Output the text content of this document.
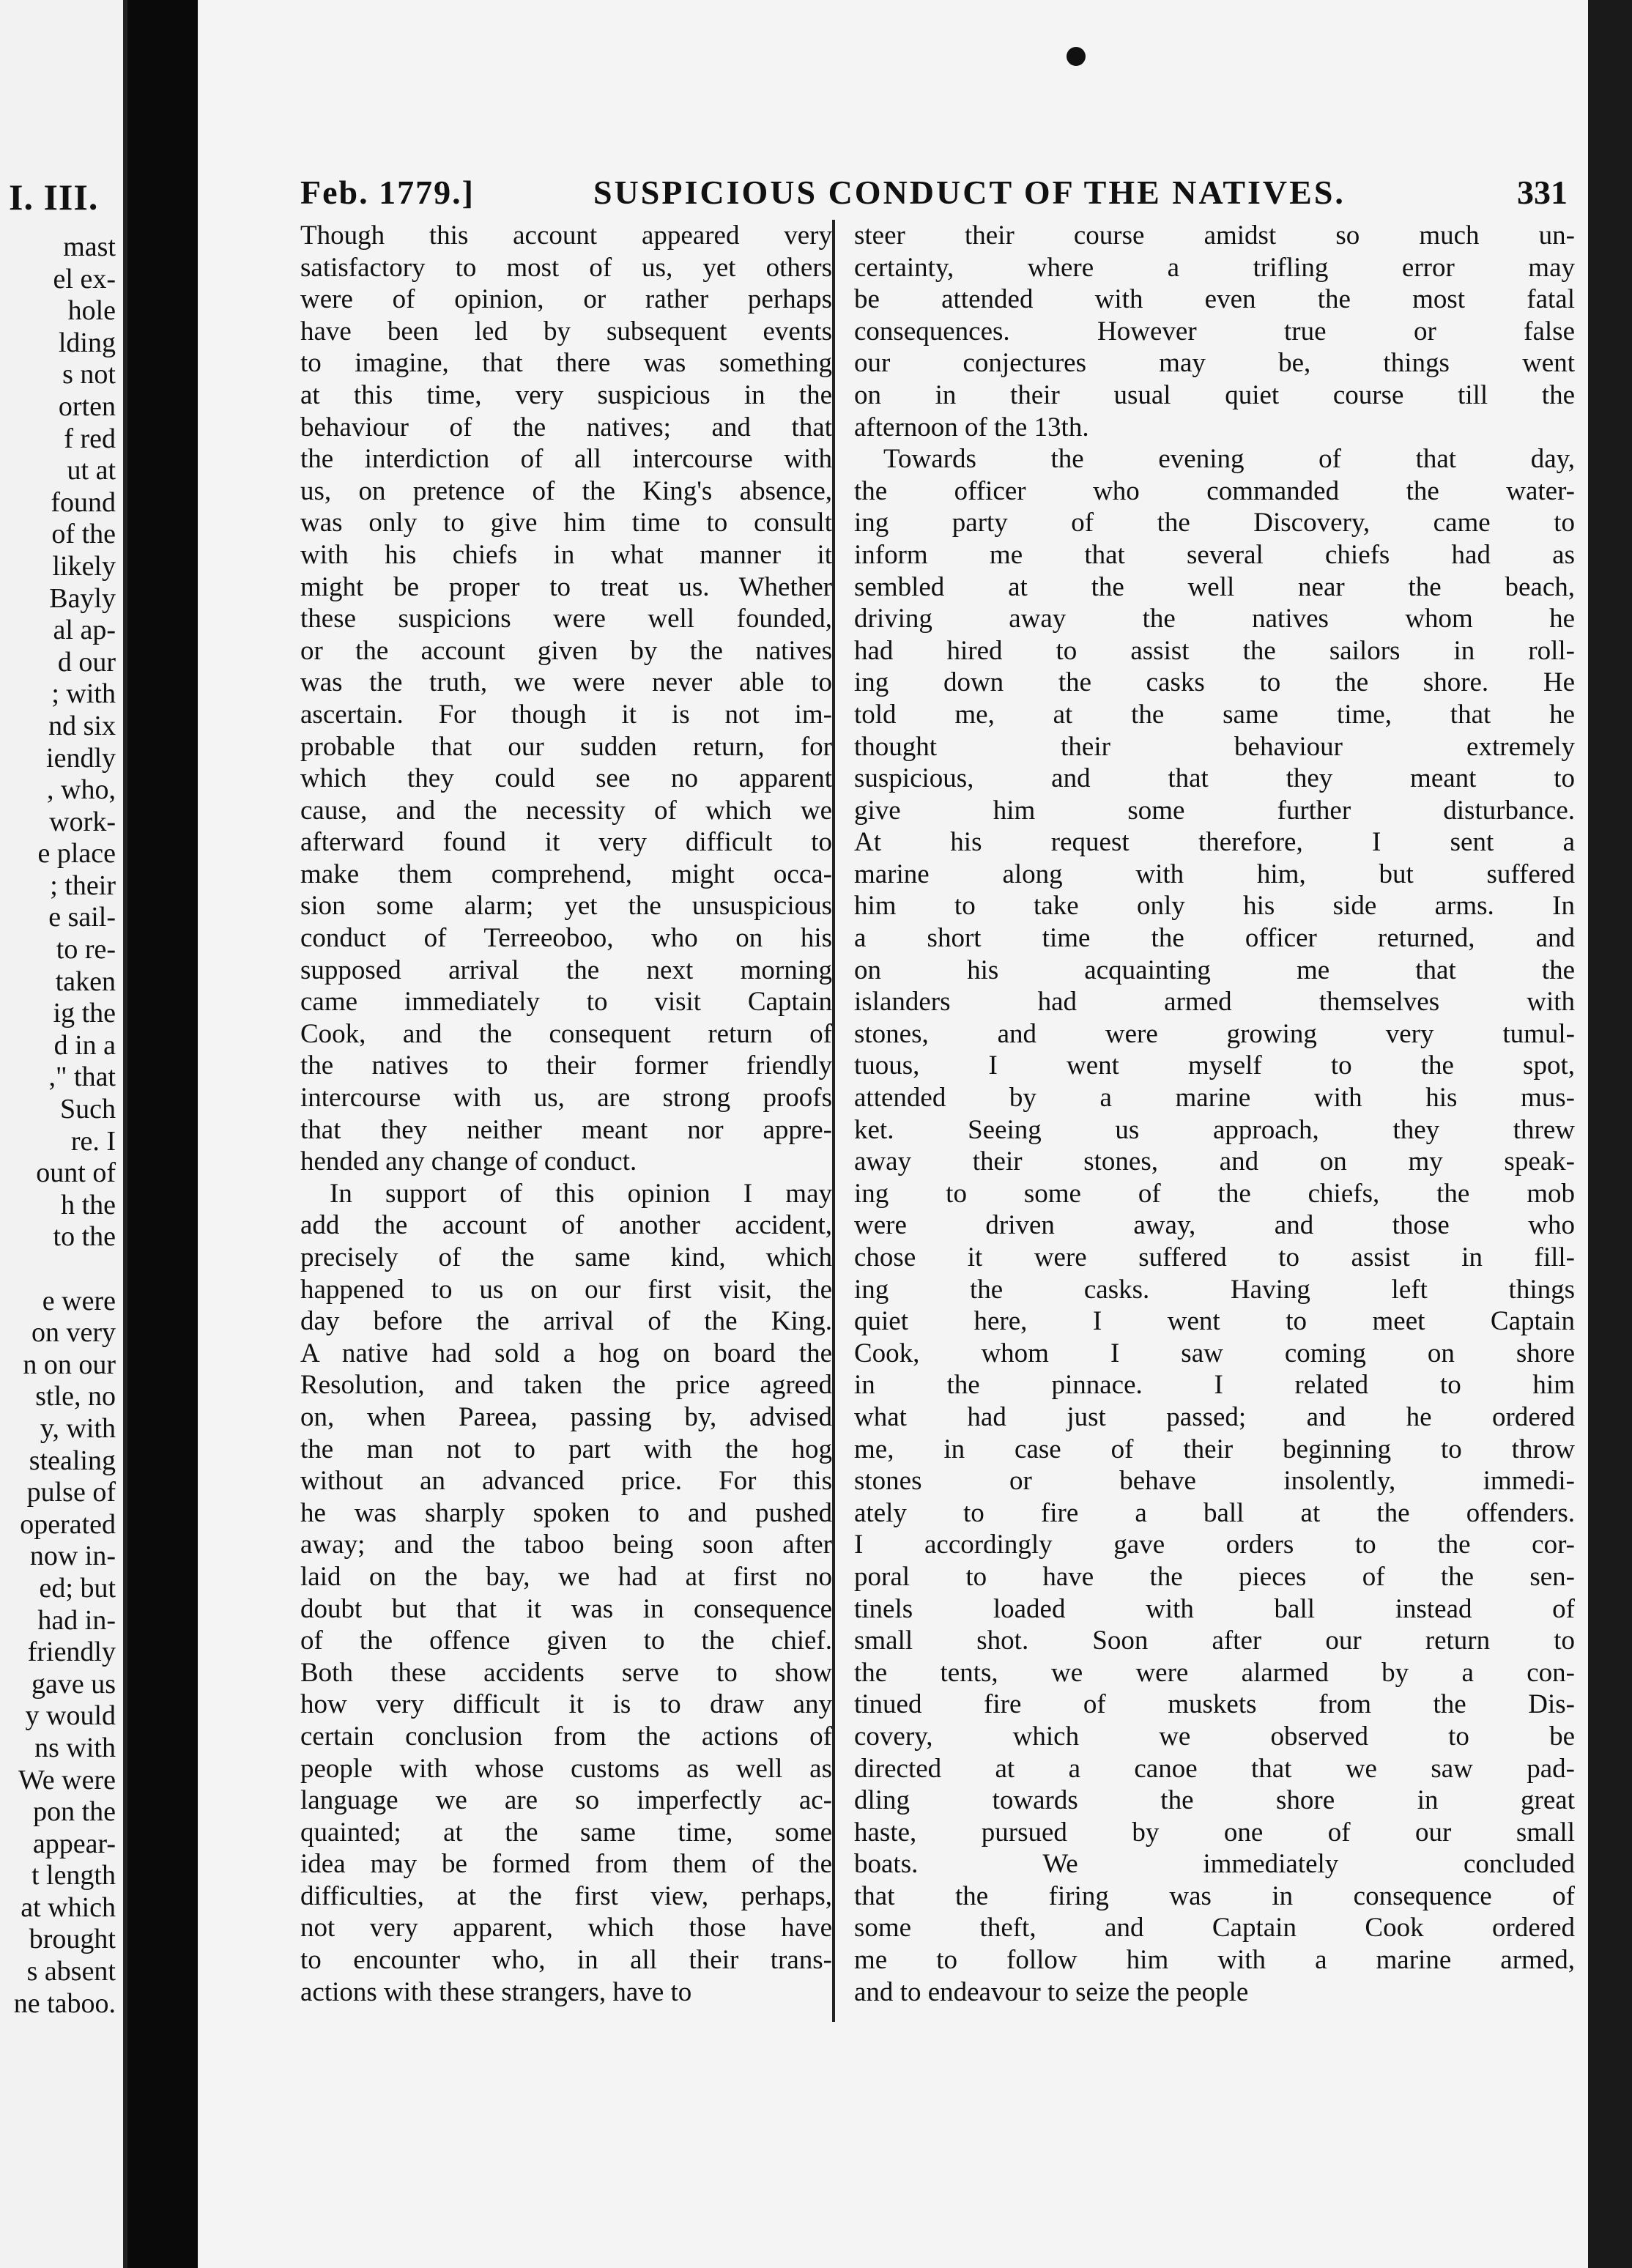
I. III.
mast
el ex-
hole
lding
s not
orten
f red
ut at
found
of the
likely
Bayly
al ap-
d our
; with
nd six
iendly
, who,
work-
e place
; their
e sail-
to re-
taken
ig the
d in a
," that
Such
re. I
ount of
h the
to the
e were
on very
n on our
stle, no
y, with
stealing
pulse of
operated
now in-
ed; but
had in-
friendly
gave us
y would
ns with
We were
pon the
appear-
t length
at which
brought
s absent
ne taboo.
Feb. 1779.]	SUSPICIOUS CONDUCT OF THE NATIVES.	331
Though this account appeared very
satisfactory to most of us, yet others
were of opinion, or rather perhaps
have been led by subsequent events
to imagine, that there was something
at this time, very suspicious in the
behaviour of the natives; and that
the interdiction of all intercourse with
us, on pretence of the King's absence,
was only to give him time to consult
with his chiefs in what manner it
might be proper to treat us. Whether
these suspicions were well founded,
or the account given by the natives
was the truth, we were never able to
ascertain. For though it is not im-
probable that our sudden return, for
which they could see no apparent
cause, and the necessity of which we
afterward found it very difficult to
make them comprehend, might occa-
sion some alarm; yet the unsuspicious
conduct of Terreeoboo, who on his
supposed arrival the next morning
came immediately to visit Captain
Cook, and the consequent return of
the natives to their former friendly
intercourse with us, are strong proofs
that they neither meant nor appre-
hended any change of conduct.
In support of this opinion I may
add the account of another accident,
precisely of the same kind, which
happened to us on our first visit, the
day before the arrival of the King.
A native had sold a hog on board the
Resolution, and taken the price agreed
on, when Pareea, passing by, advised
the man not to part with the hog
without an advanced price. For this
he was sharply spoken to and pushed
away; and the taboo being soon after
laid on the bay, we had at first no
doubt but that it was in consequence
of the offence given to the chief.
Both these accidents serve to show
how very difficult it is to draw any
certain conclusion from the actions of
people with whose customs as well as
language we are so imperfectly ac-
quainted; at the same time, some
idea may be formed from them of the
difficulties, at the first view, perhaps,
not very apparent, which those have
to encounter who, in all their trans-
actions with these strangers, have to
steer their course amidst so much un-
certainty, where a trifling error may
be attended with even the most fatal
consequences. However true or false
our conjectures may be, things went
on in their usual quiet course till the
afternoon of the 13th.
Towards the evening of that day,
the officer who commanded the water-
ing party of the Discovery, came to
inform me that several chiefs had as
sembled at the well near the beach,
driving away the natives whom he
had hired to assist the sailors in roll-
ing down the casks to the shore. He
told me, at the same time, that he
thought their behaviour extremely
suspicious, and that they meant to
give him some further disturbance.
At his request therefore, I sent a
marine along with him, but suffered
him to take only his side arms. In
a short time the officer returned, and
on his acquainting me that the
islanders had armed themselves with
stones, and were growing very tumul-
tuous, I went myself to the spot,
attended by a marine with his mus-
ket. Seeing us approach, they threw
away their stones, and on my speak-
ing to some of the chiefs, the mob
were driven away, and those who
chose it were suffered to assist in fill-
ing the casks. Having left things
quiet here, I went to meet Captain
Cook, whom I saw coming on shore
in the pinnace. I related to him
what had just passed; and he ordered
me, in case of their beginning to throw
stones or behave insolently, immedi-
ately to fire a ball at the offenders.
I accordingly gave orders to the cor-
poral to have the pieces of the sen-
tinels loaded with ball instead of
small shot. Soon after our return to
the tents, we were alarmed by a con-
tinued fire of muskets from the Dis-
covery, which we observed to be
directed at a canoe that we saw pad-
dling towards the shore in great
haste, pursued by one of our small
boats. We immediately concluded
that the firing was in consequence of
some theft, and Captain Cook ordered
me to follow him with a marine armed,
and to endeavour to seize the people
